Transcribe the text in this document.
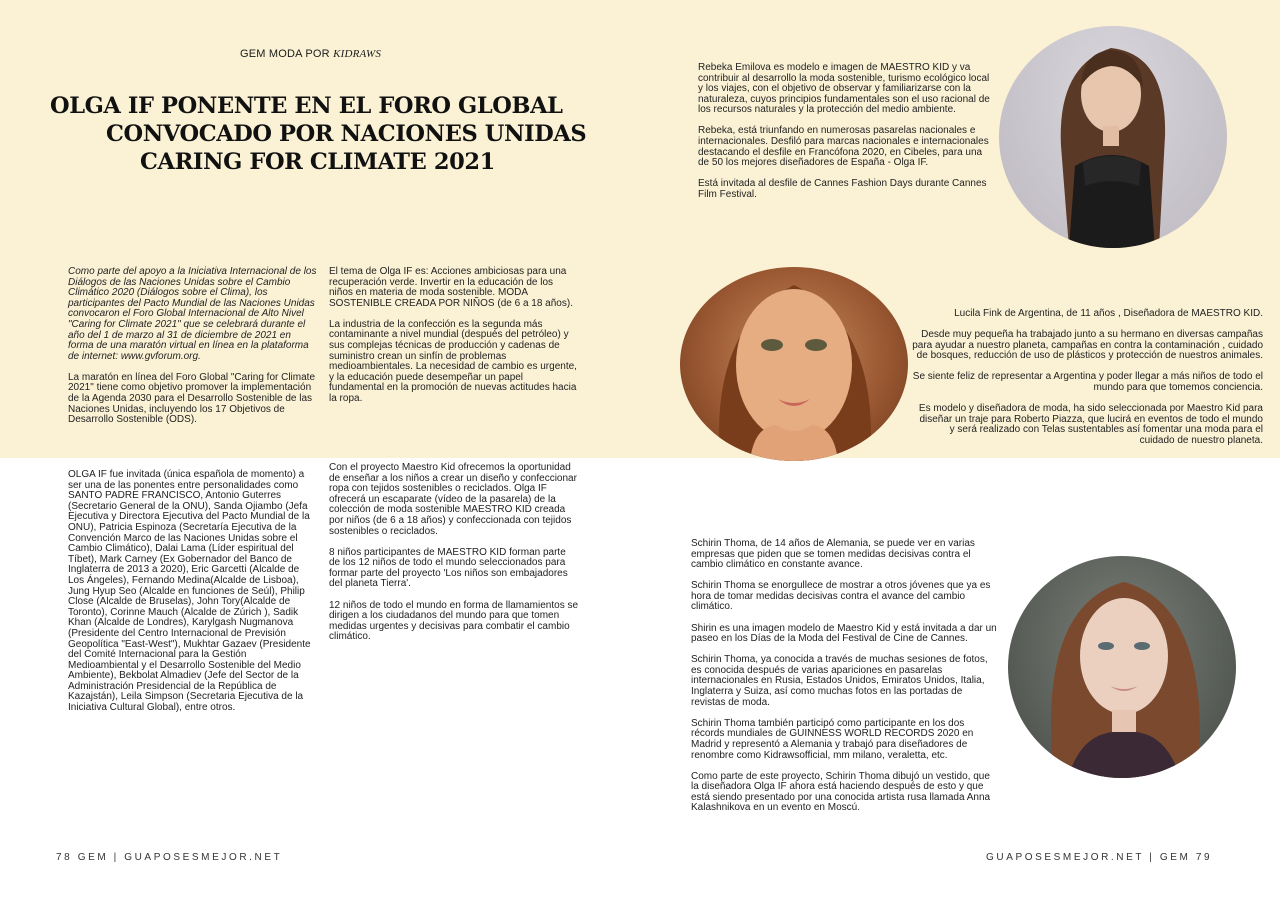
GEM MODA POR KIDRAWS
OLGA IF PONENTE EN EL FORO GLOBAL
CONVOCADO POR NACIONES UNIDAS
CARING FOR CLIMATE 2021

Como parte del apoyo a la Iniciativa Internacional de los Diálogos de las Naciones Unidas sobre el Cambio Climático 2020 (Diálogos sobre el Clima), los participantes del Pacto Mundial de las Naciones Unidas convocaron el Foro Global Internacional de Alto Nivel "Caring for Climate 2021" que se celebrará durante el año del 1 de marzo al 31 de diciembre de 2021 en forma de una maratón virtual en línea en la plataforma de internet: www.gvforum.org.

La maratón en línea del Foro Global "Caring for Climate 2021" tiene como objetivo promover la implementación de la Agenda 2030 para el Desarrollo Sostenible de las Naciones Unidas, incluyendo los 17 Objetivos de Desarrollo Sostenible (ODS).

El tema de Olga IF es: Acciones ambiciosas para una recuperación verde. Invertir en la educación de los niños en materia de moda sostenible. MODA SOSTENIBLE CREADA POR NIÑOS (de 6 a 18 años).

La industria de la confección es la segunda más contaminante a nivel mundial (después del petróleo) y sus complejas técnicas de producción y cadenas de suministro crean un sinfín de problemas medioambientales. La necesidad de cambio es urgente, y la educación puede desempeñar un papel fundamental en la promoción de nuevas actitudes hacia la ropa.

OLGA IF fue invitada (única española de momento) a ser una de las ponentes entre personalidades como SANTO PADRE FRANCISCO, Antonio Guterres (Secretario General de la ONU), Sanda Ojiambo (Jefa Ejecutiva y Directora Ejecutiva del Pacto Mundial de la ONU), Patricia Espinoza (Secretaría Ejecutiva de la Convención Marco de las Naciones Unidas sobre el Cambio Climático), Dalai Lama (Líder espiritual del Tíbet), Mark Carney (Ex Gobernador del Banco de Inglaterra de 2013 a 2020), Eric Garcetti (Alcalde de Los Ángeles), Fernando Medina(Alcalde de Lisboa), Jung Hyup Seo (Alcalde en funciones de Seúl), Philip Close (Alcalde de Bruselas), John Tory(Alcalde de Toronto), Corinne Mauch (Alcalde de Zúrich ), Sadik Khan (Alcalde de Londres), Karylgash Nugmanova (Presidente del Centro Internacional de Previsión Geopolítica "East-West"), Mukhtar Gazaev (Presidente del Comité Internacional para la Gestión Medioambiental y el Desarrollo Sostenible del Medio Ambiente), Bekbolat Almadiev (Jefe del Sector de la Administración Presidencial de la República de Kazajstán), Leila Simpson (Secretaria Ejecutiva de la Iniciativa Cultural Global), entre otros.

Con el proyecto Maestro Kid ofrecemos la oportunidad de enseñar a los niños a crear un diseño y confeccionar ropa con tejidos sostenibles o reciclados. Olga IF ofrecerá un escaparate (vídeo de la pasarela) de la colección de moda sostenible MAESTRO KID creada por niños (de 6 a 18 años) y confeccionada con tejidos sostenibles o reciclados.

8 niños participantes de MAESTRO KID forman parte de los 12 niños de todo el mundo seleccionados para formar parte del proyecto 'Los niños son embajadores del planeta Tierra'.

12 niños de todo el mundo en forma de llamamientos se dirigen a los ciudadanos del mundo para que tomen medidas urgentes y decisivas para combatir el cambio climático.

Rebeka Emilova es modelo e imagen de MAESTRO KID y va contribuir al desarrollo la moda sostenible, turismo ecológico local y los viajes, con el objetivo de observar y familiarizarse con la naturaleza, cuyos principios fundamentales son el uso racional de los recursos naturales y la protección del medio ambiente.

Rebeka, está triunfando en numerosas pasarelas nacionales e internacionales. Desfiló para marcas nacionales e internacionales destacando el desfile en Francófona 2020, en Cibeles, para una de 50 los mejores diseñadores de España - Olga IF.

Está invitada al desfile de Cannes Fashion Days durante Cannes Film Festival.

Lucila Fink de Argentina, de 11 años , Diseñadora de MAESTRO KID.

Desde muy pequeña ha trabajado junto a su hermano en diversas campañas para ayudar a nuestro planeta, campañas en contra la contaminación , cuidado de bosques, reducción de uso de plásticos y protección de nuestros animales.

Se siente feliz de representar a Argentina y poder llegar a más niños de todo el mundo para que tomemos conciencia.

Es modelo y diseñadora de moda, ha sido seleccionada por Maestro Kid para diseñar un traje para Roberto Piazza, que lucirá en eventos de todo el mundo y será realizado con Telas sustentables así fomentar una moda para el cuidado de nuestro planeta.

Schirin Thoma, de 14 años de Alemania, se puede ver en varias empresas que piden que se tomen medidas decisivas contra el cambio climático en constante avance.

Schirin Thoma se enorgullece de mostrar a otros jóvenes que ya es hora de tomar medidas decisivas contra el avance del cambio climático.

Shirin es una imagen modelo de Maestro Kid y está invitada a dar un paseo en los Días de la Moda del Festival de Cine de Cannes.

Schirin Thoma, ya conocida a través de muchas sesiones de fotos, es conocida después de varias apariciones en pasarelas internacionales en Rusia, Estados Unidos, Emiratos Unidos, Italia, Inglaterra y Suiza, así como muchas fotos en las portadas de revistas de moda.

Schirin Thoma también participó como participante en los dos récords mundiales de GUINNESS WORLD RECORDS 2020 en Madrid y representó a Alemania y trabajó para diseñadores de renombre como Kidrawsofficial, mm milano, veraletta, etc.

Como parte de este proyecto, Schirin Thoma dibujó un vestido, que la diseñadora Olga IF ahora está haciendo después de esto y que está siendo presentado por una conocida artista rusa llamada Anna Kalashnikova en un evento en Moscú.

78 GEM | GUAPOSESMEJOR.NET	GUAPOSESMEJOR.NET | GEM 79
